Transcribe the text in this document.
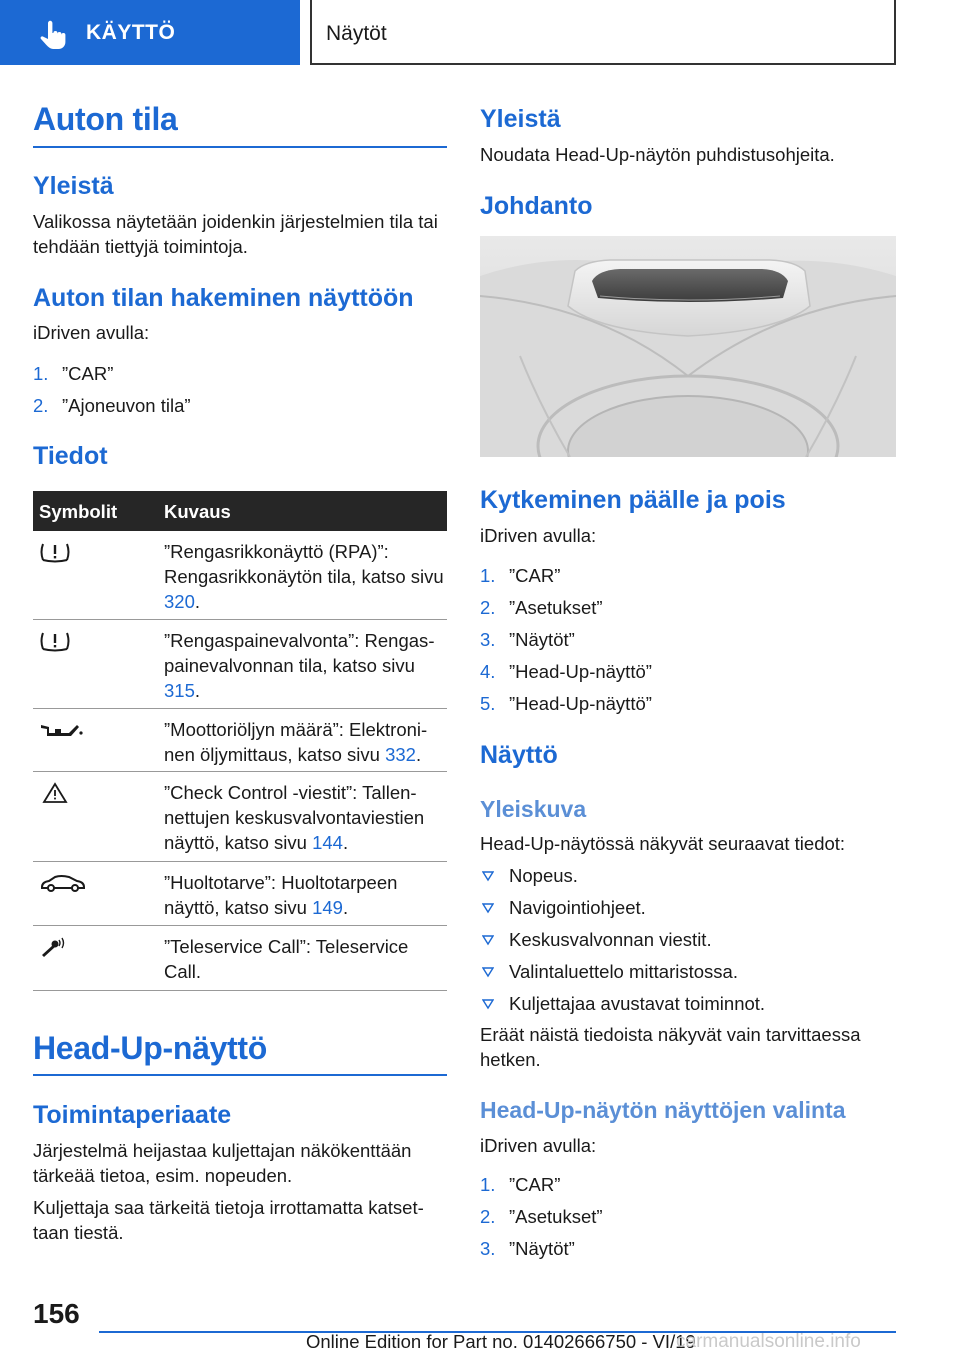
KÄYTTÖ	Näytöt
Auton tila
Yleistä

Valikossa näytetään joidenkin järjestelmien tila tai tehdään tiettyjä toimintoja.

Auton tilan hakeminen näyttöön

iDriven avulla:

1. ”CAR”
2. ”Ajoneuvon tila”
Tiedot
Symbolit	Kuvaus
”Rengasrikkonäyttö (RPA)”: Rengasrikkonäytön tila, katso sivu 320.
”Rengaspainevalvonta”: Rengaspainevalvonnan tila, katso sivu 315.
”Moottoriöljyn määrä”: Elektroninen öljymittaus, katso sivu 332.
”Check Control -viestit”: Tallennettujen keskusvalvontaviestien näyttö, katso sivu 144.
”Huoltotarve”: Huoltotarpeen näyttö, katso sivu 149.
”Teleservice Call”: Teleservice Call.
Head-Up-näyttö
Toimintaperiaate

Järjestelmä heijastaa kuljettajan näkökenttään tärkeää tietoa, esim. nopeuden.

Kuljettaja saa tärkeitä tietoja irrottamatta katsettaan tiestä.

Yleistä

Noudata Head-Up-näytön puhdistusohjeita.

Johdanto
Kytkeminen päälle ja pois

iDriven avulla:

1. ”CAR”
2. ”Asetukset”
3. ”Näytöt”
4. ”Head-Up-näyttö”
5. ”Head-Up-näyttö”
Näyttö
Yleiskuva

Head-Up-näytössä näkyvät seuraavat tiedot:

Nopeus.
Navigointiohjeet.
Keskusvalvonnan viestit.
Valintaluettelo mittaristossa.
Kuljettajaa avustavat toiminnot.

Eräät näistä tiedoista näkyvät vain tarvittaessa hetken.

Head-Up-näytön näyttöjen valinta

iDriven avulla:

1. ”CAR”
2. ”Asetukset”
3. ”Näytöt”
156
Online Edition for Part no. 01402666750 - VI/19
carmanualsonline.info
